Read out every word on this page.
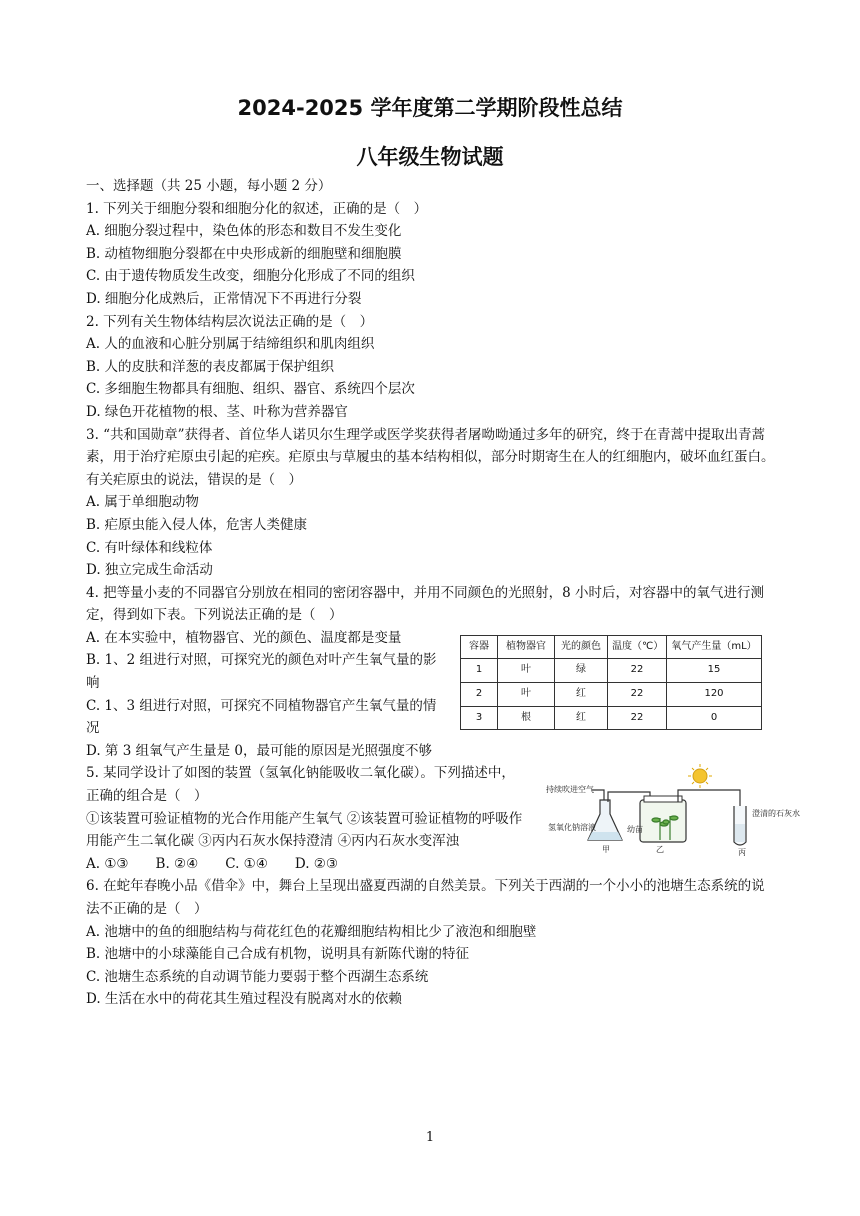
2024-2025 学年度第二学期阶段性总结
八年级生物试题
一、选择题（共 25 小题，每小题 2 分）
1. 下列关于细胞分裂和细胞分化的叙述，正确的是（　）
A. 细胞分裂过程中，染色体的形态和数目不发生变化
B. 动植物细胞分裂都在中央形成新的细胞壁和细胞膜
C. 由于遗传物质发生改变，细胞分化形成了不同的组织
D. 细胞分化成熟后，正常情况下不再进行分裂
2. 下列有关生物体结构层次说法正确的是（　）
A. 人的血液和心脏分别属于结缔组织和肌肉组织
B. 人的皮肤和洋葱的表皮都属于保护组织
C. 多细胞生物都具有细胞、组织、器官、系统四个层次
D. 绿色开花植物的根、茎、叶称为营养器官
3. “共和国勋章”获得者、首位华人诺贝尔生理学或医学奖获得者屠呦呦通过多年的研究，终于在青蒿中提取出青蒿素，用于治疗疟原虫引起的疟疾。疟原虫与草履虫的基本结构相似，部分时期寄生在人的红细胞内，破坏血红蛋白。有关疟原虫的说法，错误的是（　）
A. 属于单细胞动物
B. 疟原虫能入侵人体，危害人类健康
C. 有叶绿体和线粒体
D. 独立完成生命活动
4. 把等量小麦的不同器官分别放在相同的密闭容器中，并用不同颜色的光照射，8 小时后，对容器中的氧气进行测定，得到如下表。下列说法正确的是（　）
A. 在本实验中，植物器官、光的颜色、温度都是变量
B. 1、2 组进行对照，可探究光的颜色对叶产生氧气量的影响
C. 1、3 组进行对照，可探究不同植物器官产生氧气量的情况
容器	植物器官	光的颜色	温度（℃）	氧气产生量（mL）
1	叶	绿	22	15
2	叶	红	22	120
3	根	红	22	0
D. 第 3 组氧气产生量是 0，最可能的原因是光照强度不够
5. 某同学设计了如图的装置（氢氧化钠能吸收二氧化碳）。下列描述中，正确的组合是（　）
①该装置可验证植物的光合作用能产生氧气 ②该装置可验证植物的呼吸作用能产生二氧化碳 ③丙内石灰水保持澄清 ④丙内石灰水变浑浊
A. ①③　　B. ②④　　C. ①④　　D. ②③
持续吹进空气
氢氧化钠溶液
甲
幼苗
乙
澄清的石灰水
丙
6. 在蛇年春晚小品《借伞》中，舞台上呈现出盛夏西湖的自然美景。下列关于西湖的一个小小的池塘生态系统的说法不正确的是（　）
A. 池塘中的鱼的细胞结构与荷花红色的花瓣细胞结构相比少了液泡和细胞壁
B. 池塘中的小球藻能自己合成有机物，说明具有新陈代谢的特征
C. 池塘生态系统的自动调节能力要弱于整个西湖生态系统
D. 生活在水中的荷花其生殖过程没有脱离对水的依赖
1
